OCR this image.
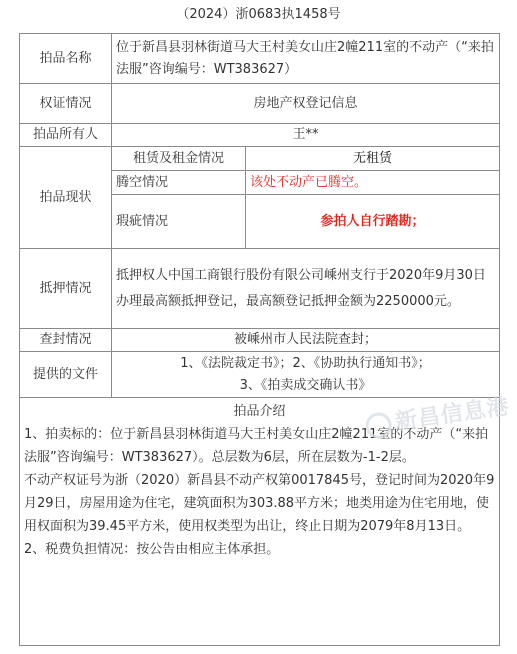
（2024）浙0683执1458号
拍品名称	位于新昌县羽林街道马大王村美女山庄2幢211室的不动产（“来拍法服”咨询编号：WT383627）	
权证情况	房地产权登记信息	
拍品所有人	王**	
拍品现状	租赁及租金情况	无租赁
	腾空情况	该处不动产已腾空。
	瑕疵情况	参拍人自行踏勘；
抵押情况	抵押权人中国工商银行股份有限公司嵊州支行于2020年9月30日办理最高额抵押登记，最高额登记抵押金额为2250000元。	
查封情况	被嵊州市人民法院查封；	
提供的文件	1、《法院裁定书》；2、《协助执行通知书》；
3、《拍卖成交确认书》	

拍品介绍

1、拍卖标的：位于新昌县羽林街道马大王村美女山庄2幢211室的不动产（“来拍法服”咨询编号：WT383627）。总层数为6层，所在层数为-1-2层。

不动产权证号为浙（2020）新昌县不动产权第0017845号，登记时间为2020年9月29日，房屋用途为住宅，建筑面积为303.88平方米；地类用途为住宅用地，使用权面积为39.45平方米，使用权类型为出让，终止日期为2079年8月13日。

2、税费负担情况：按公告由相应主体承担。		

新昌信息港
